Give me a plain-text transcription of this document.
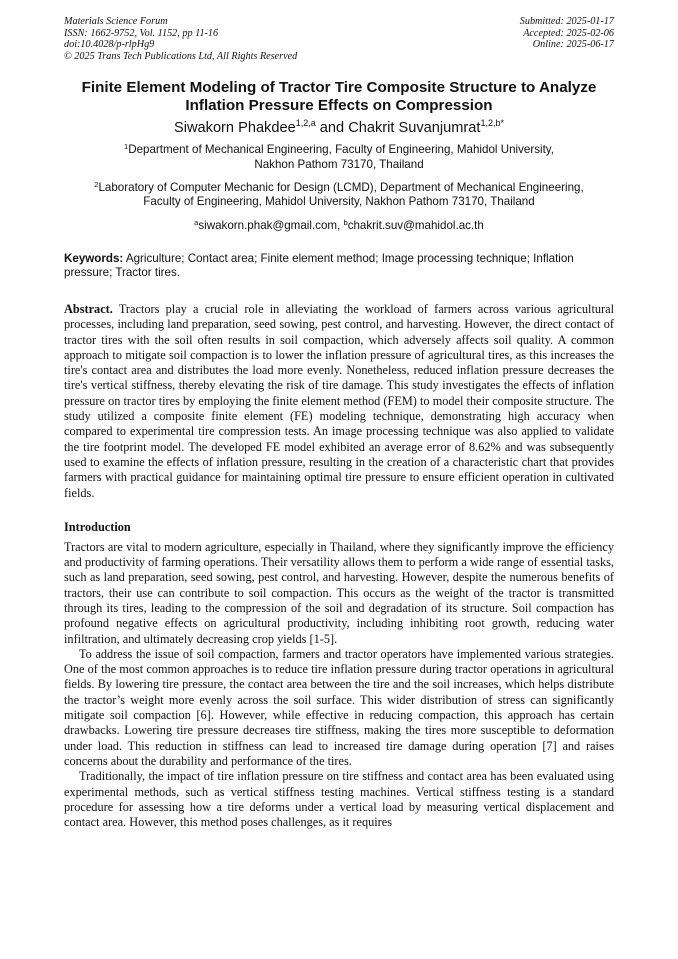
Materials Science Forum
ISSN: 1662-9752, Vol. 1152, pp 11-16
doi:10.4028/p-rlpHg9
© 2025 Trans Tech Publications Ltd, All Rights Reserved
Submitted: 2025-01-17
Accepted: 2025-02-06
Online: 2025-06-17
Finite Element Modeling of Tractor Tire Composite Structure to Analyze Inflation Pressure Effects on Compression
Siwakorn Phakdee$^{1,2,a}$ and Chakrit Suvanjumrat$^{1,2,b*}$
$^1$Department of Mechanical Engineering, Faculty of Engineering, Mahidol University,
Nakhon Pathom 73170, Thailand
$^2$Laboratory of Computer Mechanic for Design (LCMD), Department of Mechanical Engineering,
Faculty of Engineering, Mahidol University, Nakhon Pathom 73170, Thailand
$^a$siwakorn.phak@gmail.com, $^b$chakrit.suv@mahidol.ac.th
Keywords: Agriculture; Contact area; Finite element method; Image processing technique; Inflation pressure; Tractor tires.
Abstract. Tractors play a crucial role in alleviating the workload of farmers across various agricultural processes, including land preparation, seed sowing, pest control, and harvesting. However, the direct contact of tractor tires with the soil often results in soil compaction, which adversely affects soil quality. A common approach to mitigate soil compaction is to lower the inflation pressure of agricultural tires, as this increases the tire's contact area and distributes the load more evenly. Nonetheless, reduced inflation pressure decreases the tire's vertical stiffness, thereby elevating the risk of tire damage. This study investigates the effects of inflation pressure on tractor tires by employing the finite element method (FEM) to model their composite structure. The study utilized a composite finite element (FE) modeling technique, demonstrating high accuracy when compared to experimental tire compression tests. An image processing technique was also applied to validate the tire footprint model. The developed FE model exhibited an average error of 8.62% and was subsequently used to examine the effects of inflation pressure, resulting in the creation of a characteristic chart that provides farmers with practical guidance for maintaining optimal tire pressure to ensure efficient operation in cultivated fields.
Introduction

Tractors are vital to modern agriculture, especially in Thailand, where they significantly improve the efficiency and productivity of farming operations. Their versatility allows them to perform a wide range of essential tasks, such as land preparation, seed sowing, pest control, and harvesting. However, despite the numerous benefits of tractors, their use can contribute to soil compaction. This occurs as the weight of the tractor is transmitted through its tires, leading to the compression of the soil and degradation of its structure. Soil compaction has profound negative effects on agricultural productivity, including inhibiting root growth, reducing water infiltration, and ultimately decreasing crop yields [1-5].

To address the issue of soil compaction, farmers and tractor operators have implemented various strategies. One of the most common approaches is to reduce tire inflation pressure during tractor operations in agricultural fields. By lowering tire pressure, the contact area between the tire and the soil increases, which helps distribute the tractor’s weight more evenly across the soil surface. This wider distribution of stress can significantly mitigate soil compaction [6]. However, while effective in reducing compaction, this approach has certain drawbacks. Lowering tire pressure decreases tire stiffness, making the tires more susceptible to deformation under load. This reduction in stiffness can lead to increased tire damage during operation [7] and raises concerns about the durability and performance of the tires.

Traditionally, the impact of tire inflation pressure on tire stiffness and contact area has been evaluated using experimental methods, such as vertical stiffness testing machines. Vertical stiffness testing is a standard procedure for assessing how a tire deforms under a vertical load by measuring vertical displacement and contact area. However, this method poses challenges, as it requires
